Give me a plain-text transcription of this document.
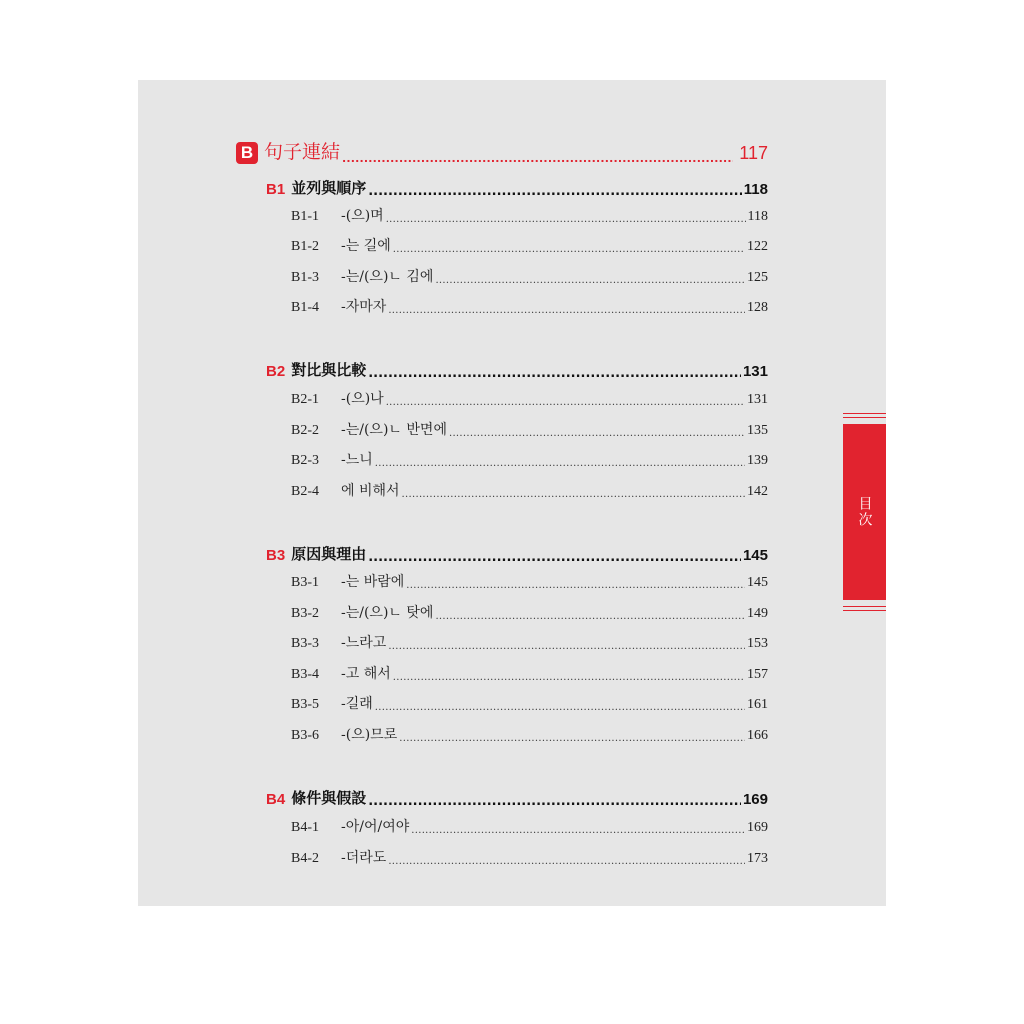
B 句子連結 .....	117
B1 並列與順序 .....	118
B1-1	-(으)며 .....	118
B1-2	-는 길에 .....	122
B1-3	-는/(으)ㄴ 김에 .....	125
B1-4	-자마자 .....	128
B2 對比與比較 .....	131
B2-1	-(으)나 .....	131
B2-2	-는/(으)ㄴ 반면에 .....	135
B2-3	-느니 .....	139
B2-4	에 비해서 .....	142
B3 原因與理由 .....	145
B3-1	-는 바람에 .....	145
B3-2	-는/(으)ㄴ 탓에 .....	149
B3-3	-느라고 .....	153
B3-4	-고 해서 .....	157
B3-5	-길래 .....	161
B3-6	-(으)므로 .....	166
B4 條件與假設 .....	169
B4-1	-아/어/여야 .....	169
B4-2	-더라도 .....	173
目次
